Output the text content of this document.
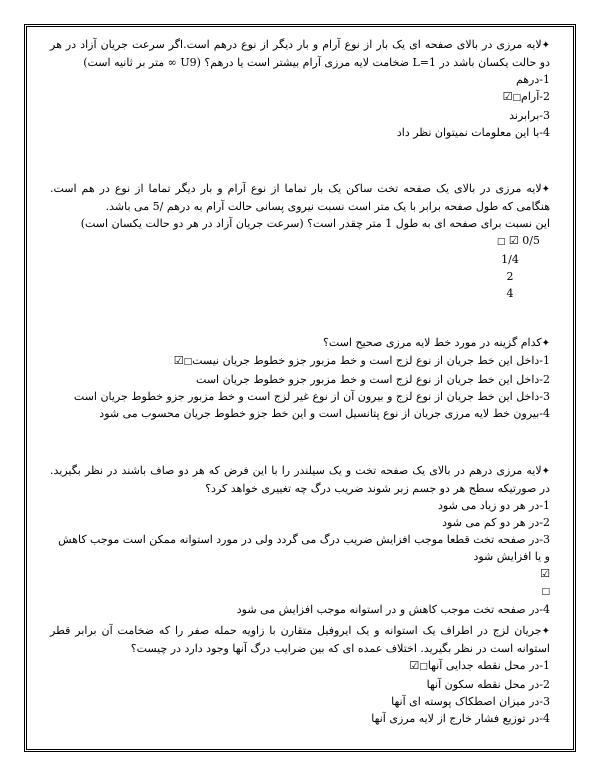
✦لایه مرزی در بالای صفحه ای یک بار از نوع آرام و بار دیگر از نوع درهم است.اگر سرعت جریان آزاد در هر دو حالت یکسان باشد در L=1 ضخامت لایه مرزی آرام بیشتر است یا درهم؟ (U9 ∞ متر بر ثانیه است)

1-درهم

2-آرام□☑

3-برابرند

4-با این معلومات نمیتوان نظر داد

✦لایه مرزی در بالای یک صفحه تخت ساکن یک بار تماما از نوع آرام و بار دیگر تماما از نوع در هم است. هنگامی که طول صفحه برابر با یک متر است نسبت نیروی پسانی حالت آرام به درهم /5 می باشد.

این نسبت برای صفحه ای به طول 1 متر چقدر است؟ (سرعت جریان آزاد در هر دو حالت یکسان است)

□ ☑ 0/5

1/4

2

4

✦کدام گزینه در مورد خط لایه مرزی صحیح است؟

1-داخل این خط جریان از نوع لزج است و خط مزبور جزو خطوط جریان نیست□☑

2-داخل این خط جریان از نوع لزج است و خط مزبور جزو خطوط جریان است

3-داخل این خط جریان از نوع لزج و بیرون آن از نوع غیر لزج است و خط مزبور جزو خطوط جریان است

4-بیرون خط لایه مرزی جریان از نوع پتانسیل است و این خط جزو خطوط جریان محسوب می شود

✦لایه مرزی درهم در بالای یک صفحه تخت و یک سیلندر را با این فرض که هر دو صاف باشند در نظر بگیرید. در صورتیکه سطح هر دو جسم زبر شوند ضریب درگ چه تغییری خواهد کرد؟

1-در هر دو زیاد می شود

2-در هر دو کم می شود

3-در صفحه تخت قطعا موجب افزایش ضریب درگ می گردد ولی در مورد استوانه ممکن است موجب کاهش و یا افزایش شود

☑
□

4-در صفحه تخت موجب کاهش و در استوانه موجب افزایش می شود

✦جریان لزج در اطراف یک استوانه و یک ایروفیل متقارن با زاویه حمله صفر را که ضخامت آن برابر قطر استوانه است در نظر بگیرید. اختلاف عمده ای که بین ضرایب درگ آنها وجود دارد در چیست؟

1-در محل نقطه جدایی آنها□☑

2-در محل نقطه سکون آنها

3-در میزان اصطکاک پوسته ای آنها

4-در توزیع فشار خارج از لایه مرزی آنها
